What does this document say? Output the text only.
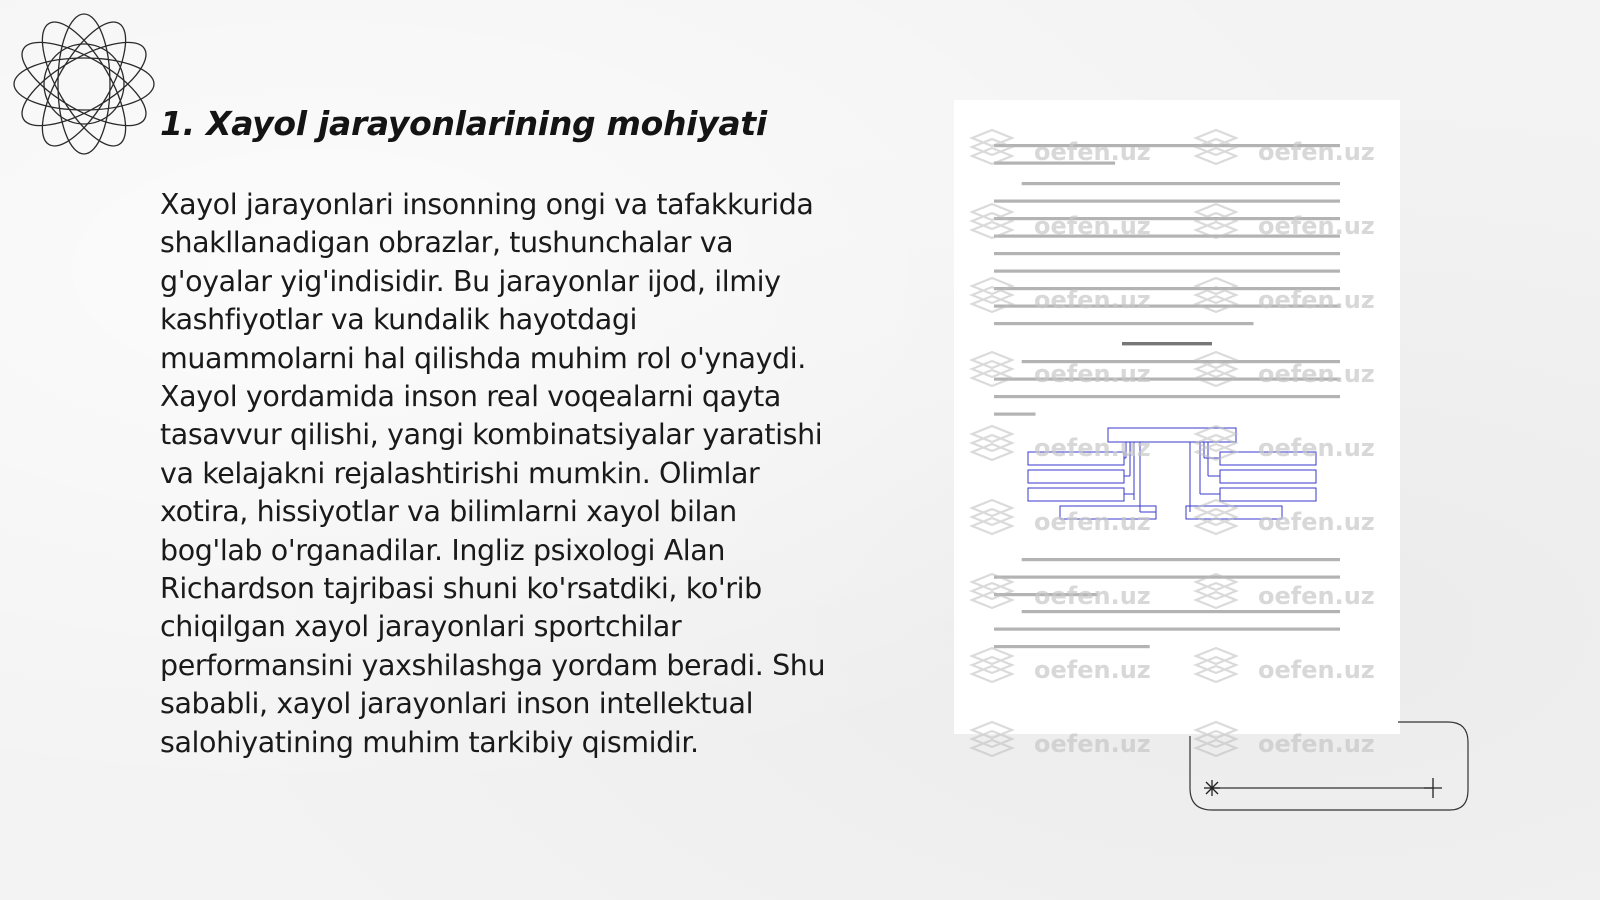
1. Xayol jarayonlarining mohiyati

Xayol jarayonlari insonning ongi va tafakkurida shakllanadigan obrazlar, tushunchalar va g'oyalar yig'indisidir. Bu jarayonlar ijod, ilmiy kashfiyotlar va kundalik hayotdagi muammolarni hal qilishda muhim rol o'ynaydi. Xayol yordamida inson real voqealarni qayta tasavvur qilishi, yangi kombinatsiyalar yaratishi va kelajakni rejalashtirishi mumkin. Olimlar xotira, hissiyotlar va bilimlarni xayol bilan bog'lab o'rganadilar. Ingliz psixologi Alan Richardson tajribasi shuni ko'rsatdiki, ko'rib chiqilgan xayol jarayonlari sportchilar performansini yaxshilashga yordam beradi. Shu sababli, xayol jarayonlari inson intellektual salohiyatining muhim tarkibiy qismidir.

oefen.uz	oefen.uz
oefen.uz	oefen.uz
oefen.uz	oefen.uz
oefen.uz	oefen.uz
oefen.uz	oefen.uz
oefen.uz	oefen.uz
oefen.uz	oefen.uz
oefen.uz	oefen.uz
oefen.uz	oefen.uz
